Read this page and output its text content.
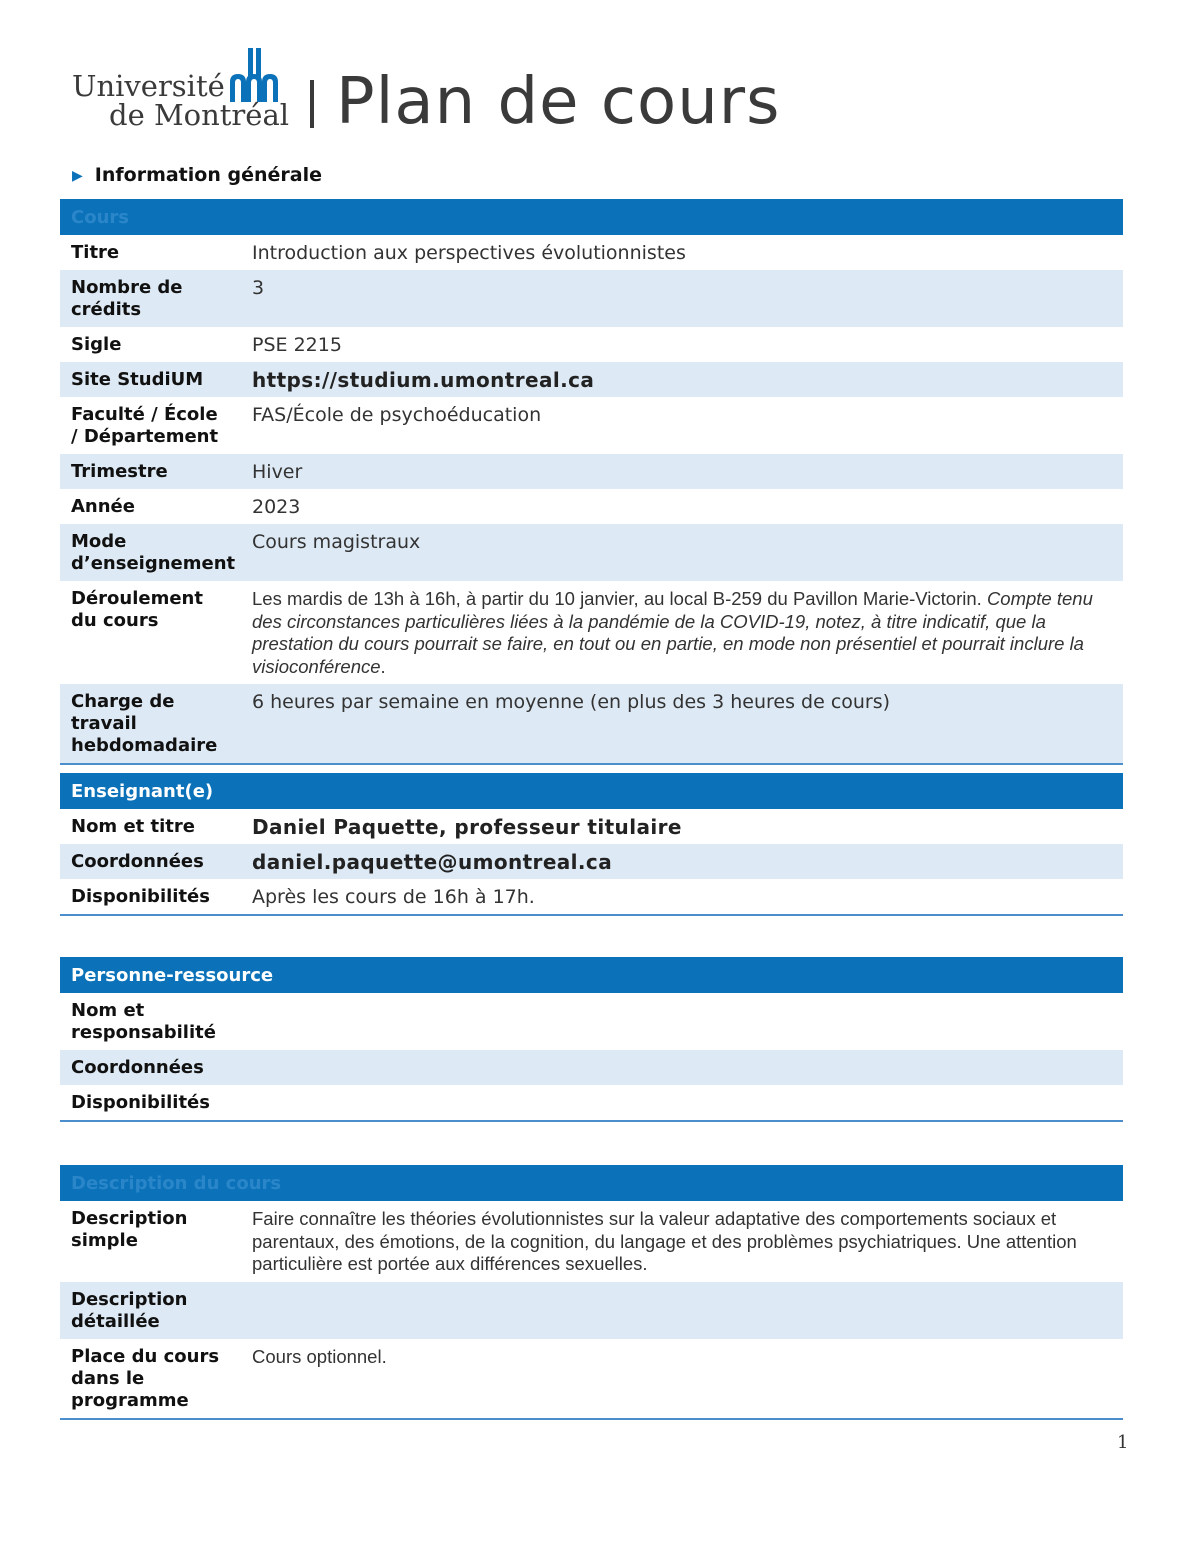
Université
de Montréal Plan de cours
▶ Information générale
Cours	
Titre	Introduction aux perspectives évolutionnistes
Nombre de crédits	3
Sigle	PSE 2215
Site StudiUM	https://studium.umontreal.ca
Faculté / École / Département	FAS/École de psychoéducation
Trimestre	Hiver
Année	2023
Mode d’enseignement	Cours magistraux
Déroulement du cours	Les mardis de 13h à 16h, à partir du 10 janvier, au local B-259 du Pavillon Marie-Victorin. Compte tenu des circonstances particulières liées à la pandémie de la COVID-19, notez, à titre indicatif, que la prestation du cours pourrait se faire, en tout ou en partie, en mode non présentiel et pourrait inclure la visioconférence.
Charge de travail hebdomadaire	6 heures par semaine en moyenne (en plus des 3 heures de cours)
Enseignant(e)	
Nom et titre	Daniel Paquette, professeur titulaire
Coordonnées	daniel.paquette@umontreal.ca
Disponibilités	Après les cours de 16h à 17h.
Personne-ressource	
Nom et responsabilité	
Coordonnées	
Disponibilités	
Description du cours	
Description simple	Faire connaître les théories évolutionnistes sur la valeur adaptative des comportements sociaux et parentaux, des émotions, de la cognition, du langage et des problèmes psychiatriques. Une attention particulière est portée aux différences sexuelles.
Description détaillée	
Place du cours dans le programme	Cours optionnel.
1
